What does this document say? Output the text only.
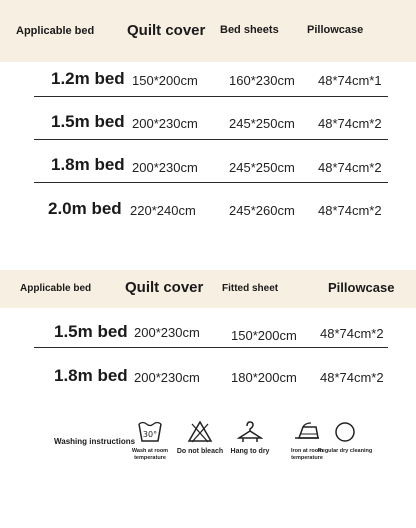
Applicable bed Quilt cover Bed sheets	Pillowcase
1.2m bed 150*200cm 160*230cm 48*74cm*1
1.5m bed 200*230cm 245*250cm 48*74cm*2
1.8m bed 200*230cm 245*250cm 48*74cm*2
2.0m bed 220*240cm	245*260cm 48*74cm*2
Applicable bed Quilt cover Fitted sheet	Pillowcase
1.5m bed 200*230cm 150*200cm 48*74cm*2
1.8m bed 200*230cm 180*200cm 48*74cm*2
Washing instructions
30°
Wash at room temperature
Do not bleach	Hang to dry	Iron at room temperature
Regular dry cleaning
